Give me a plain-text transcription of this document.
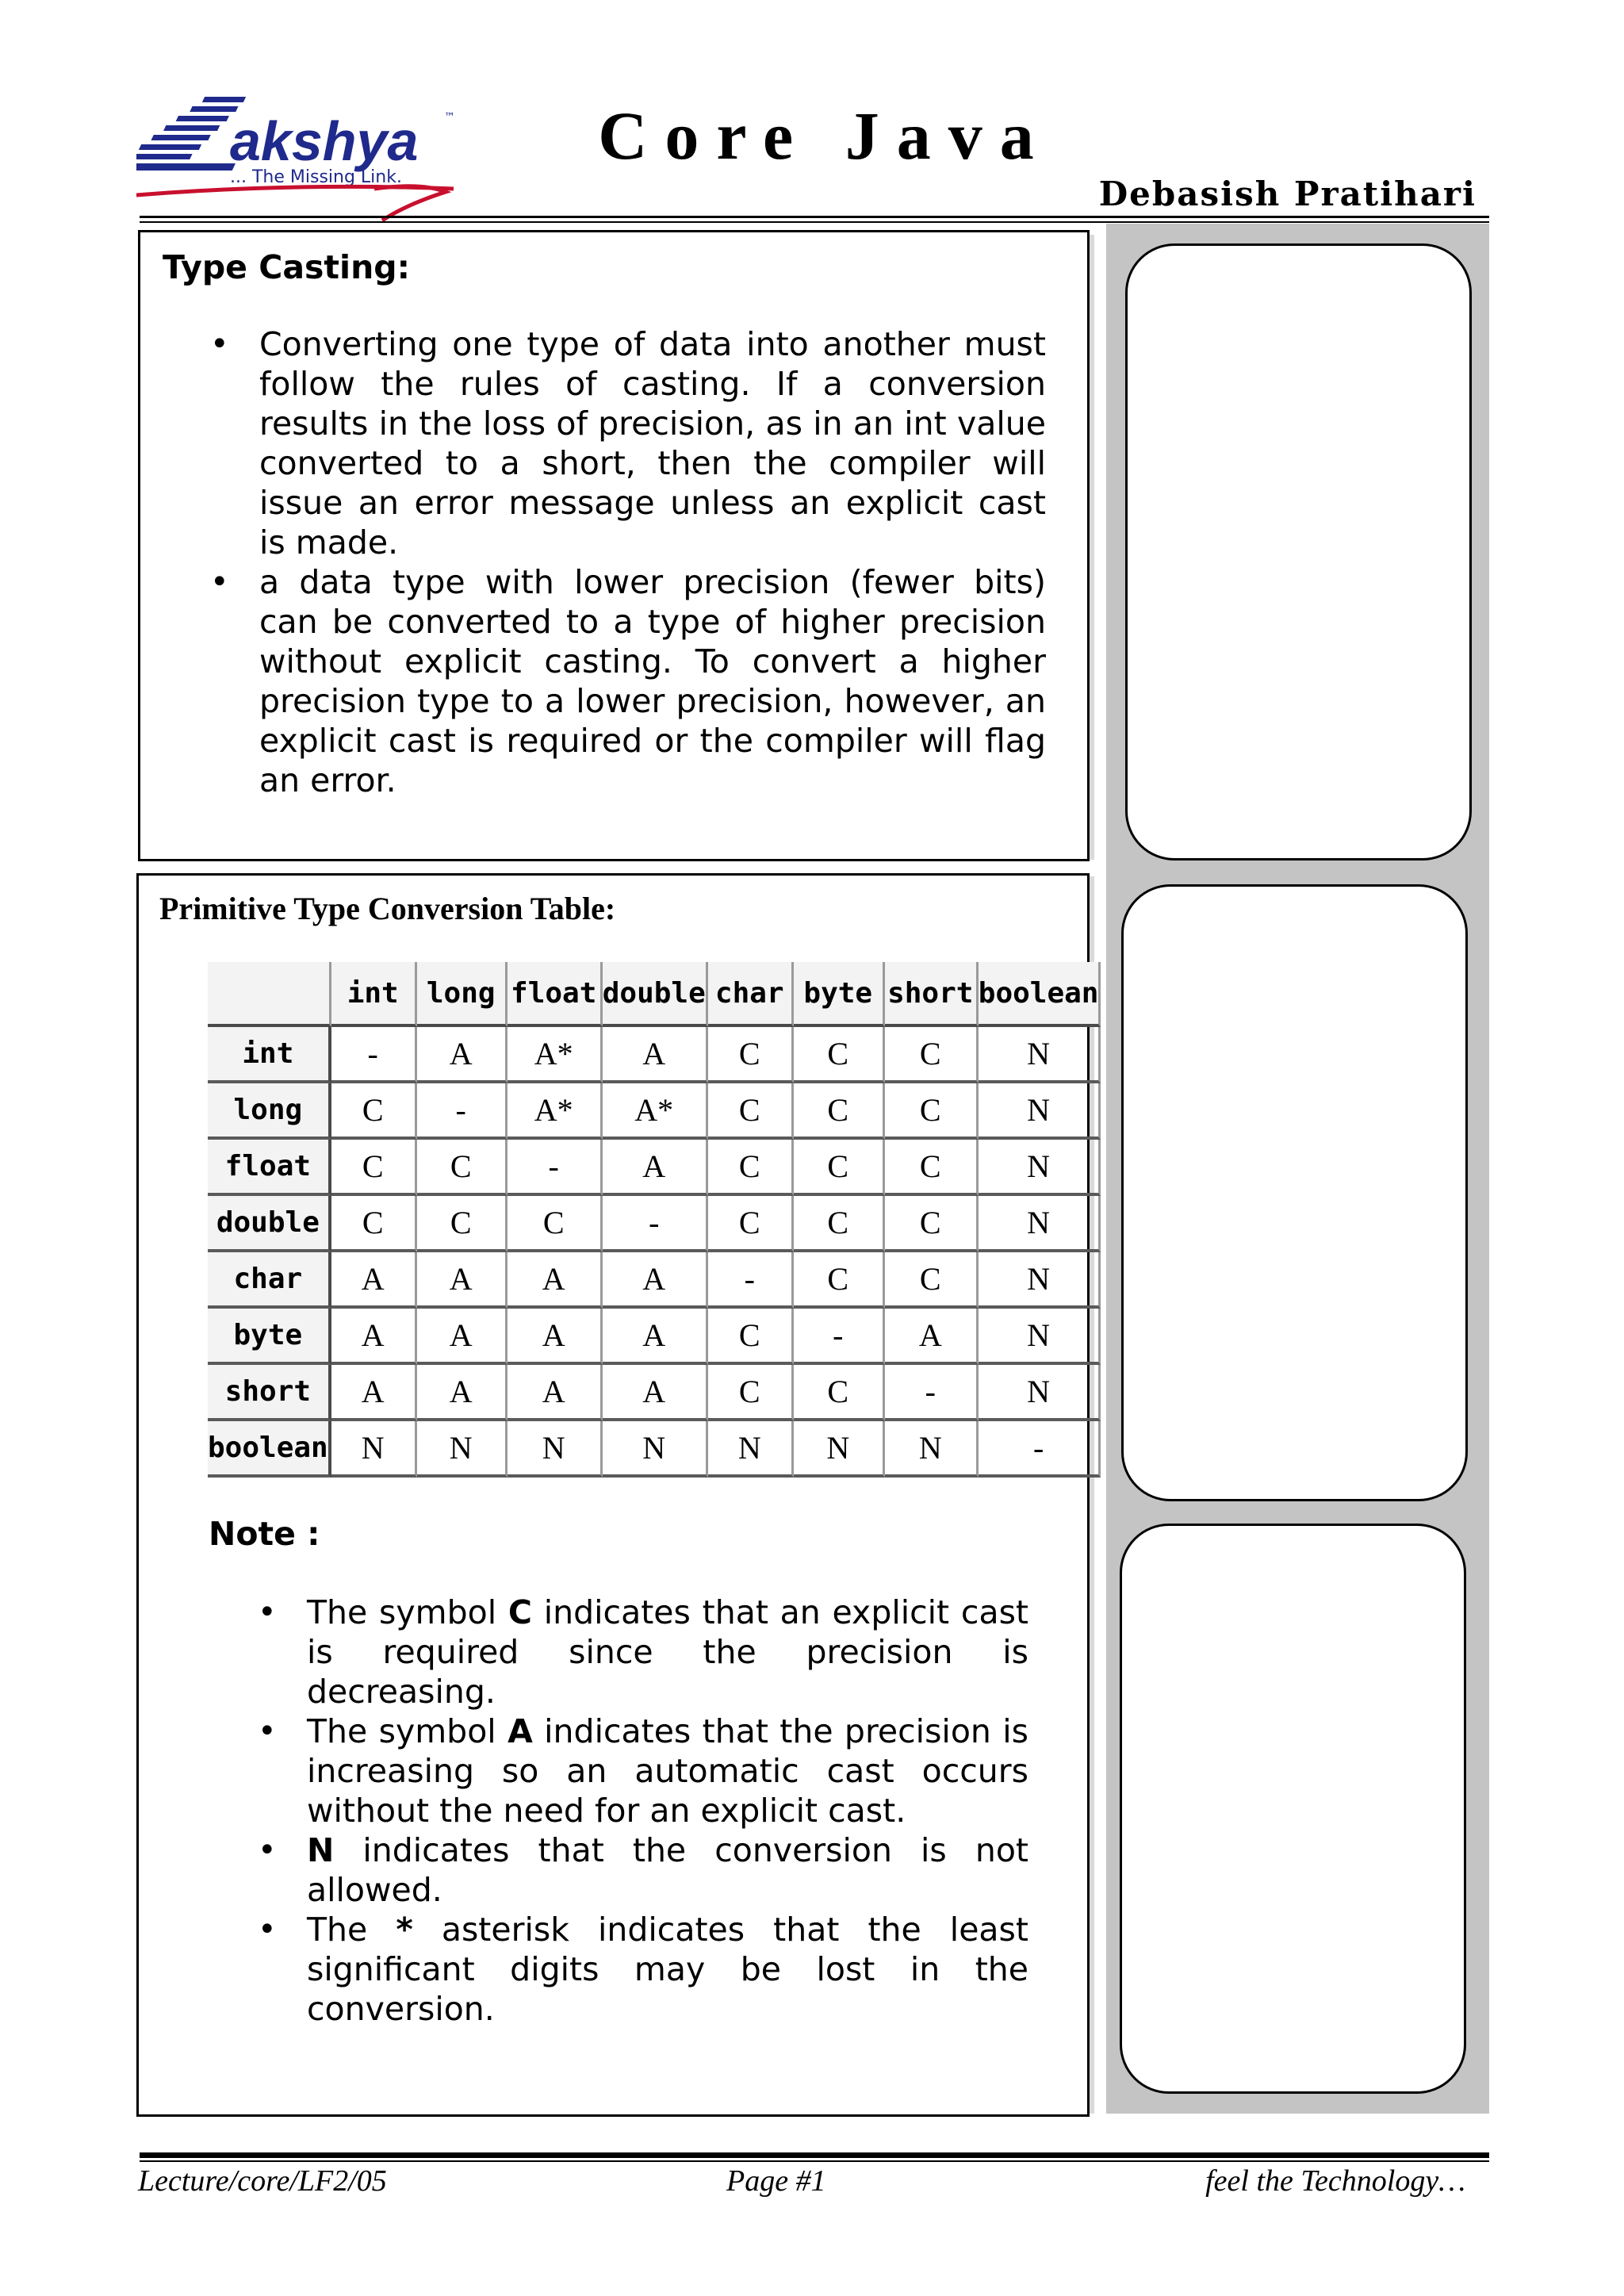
akshya ™
... The Missing Link.
Core Java
Debasish Pratihari
Type Casting:
• Converting one type of data into another must follow the rules of casting. If a conversion results in the loss of precision, as in an int value converted to a short, then the compiler will issue an error message unless an explicit cast is made.
• a data type with lower precision (fewer bits) can be converted to a type of higher precision without explicit casting. To convert a higher precision type to a lower precision, however, an explicit cast is required or the compiler will flag an error.
Primitive Type Conversion Table:
Note :
• The symbol C indicates that an explicit cast is required since the precision is decreasing.
• The symbol A indicates that the precision is increasing so an automatic cast occurs without the need for an explicit cast.
• N indicates that the conversion is not allowed.
• The * asterisk indicates that the least significant digits may be lost in the conversion.
	int	long	float	double	char	byte	short	boolean
int	-	A	A*	A	C	C	C	N
long	C	-	A*	A*	C	C	C	N
float	C	C	-	A	C	C	C	N
double	C	C	C	-	C	C	C	N
char	A	A	A	A	-	C	C	N
byte	A	A	A	A	C	-	A	N
short	A	A	A	A	C	C	-	N
boolean	N	N	N	N	N	N	N	-
Lecture/core/LF2/05	Page #1	feel the Technology…
